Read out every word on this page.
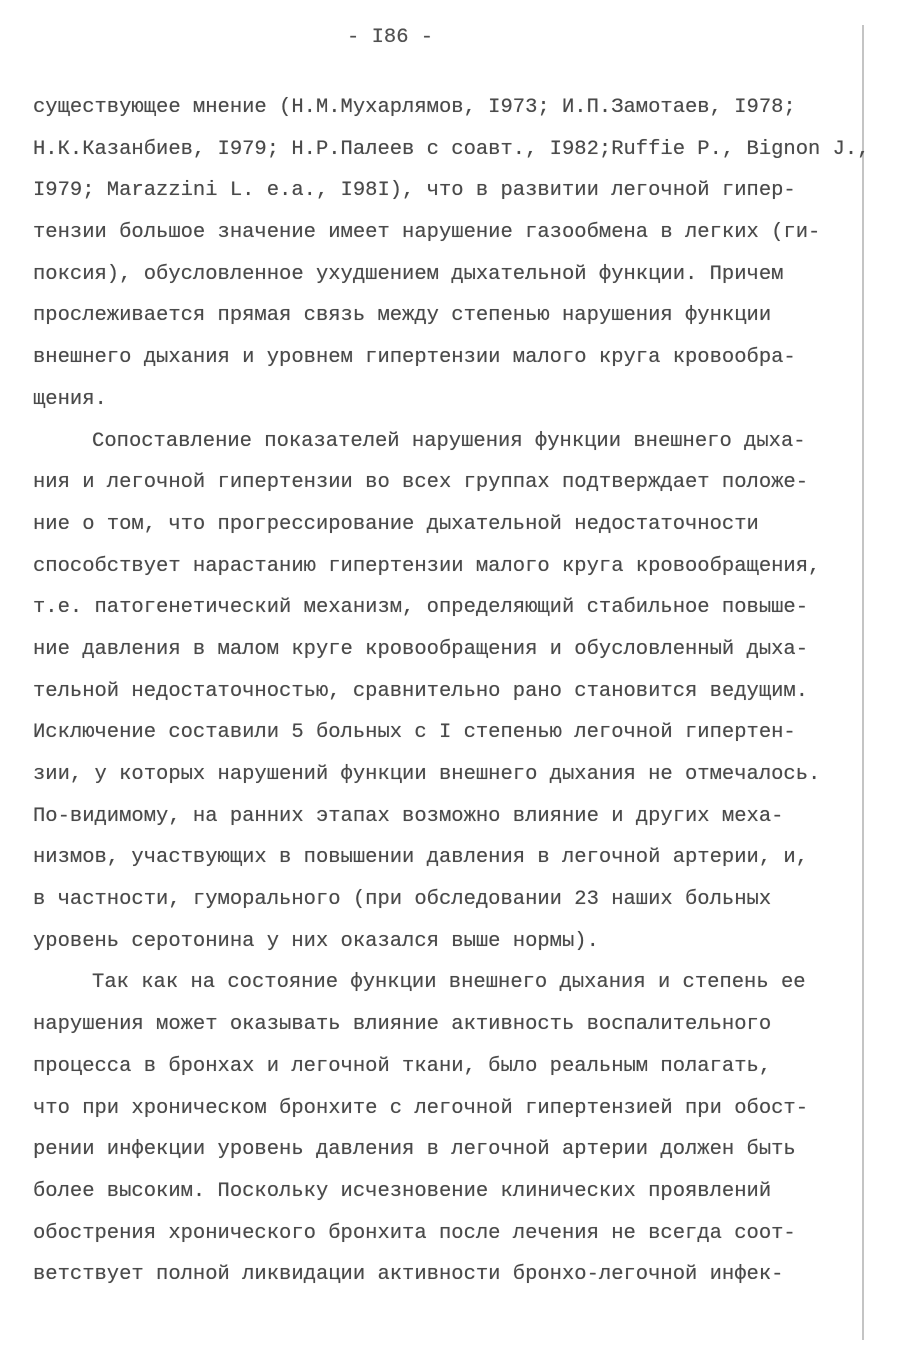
- I86 -
существующее мнение (Н.М.Мухарлямов, I973; И.П.Замотаев, I978;
Н.К.Казанбиев, I979; Н.Р.Палеев с соавт., I982;Ruffie P., Bignon J.,
I979; Marazzini L. e.a., I98I), что в развитии легочной гипер-
тензии большое значение имеет нарушение газообмена в легких (ги-
поксия), обусловленное ухудшением дыхательной функции. Причем
прослеживается прямая связь между степенью нарушения функции
внешнего дыхания и уровнем гипертензии малого круга кровообра-
щения.
Сопоставление показателей нарушения функции внешнего дыха-
ния и легочной гипертензии во всех группах подтверждает положе-
ние о том, что прогрессирование дыхательной недостаточности
способствует нарастанию гипертензии малого круга кровообращения,
т.е. патогенетический механизм, определяющий стабильное повыше-
ние давления в малом круге кровообращения и обусловленный дыха-
тельной недостаточностью, сравнительно рано становится ведущим.
Исключение составили 5 больных с I степенью легочной гипертен-
зии, у которых нарушений функции внешнего дыхания не отмечалось.
По-видимому, на ранних этапах возможно влияние и других меха-
низмов, участвующих в повышении давления в легочной артерии, и,
в частности, гуморального (при обследовании 23 наших больных
уровень серотонина у них оказался выше нормы).
Так как на состояние функции внешнего дыхания и степень ее
нарушения может оказывать влияние активность воспалительного
процесса в бронхах и легочной ткани, было реальным полагать,
что при хроническом бронхите с легочной гипертензией при обост-
рении инфекции уровень давления в легочной артерии должен быть
более высоким. Поскольку исчезновение клинических проявлений
обострения хронического бронхита после лечения не всегда соот-
ветствует полной ликвидации активности бронхо-легочной инфек-
